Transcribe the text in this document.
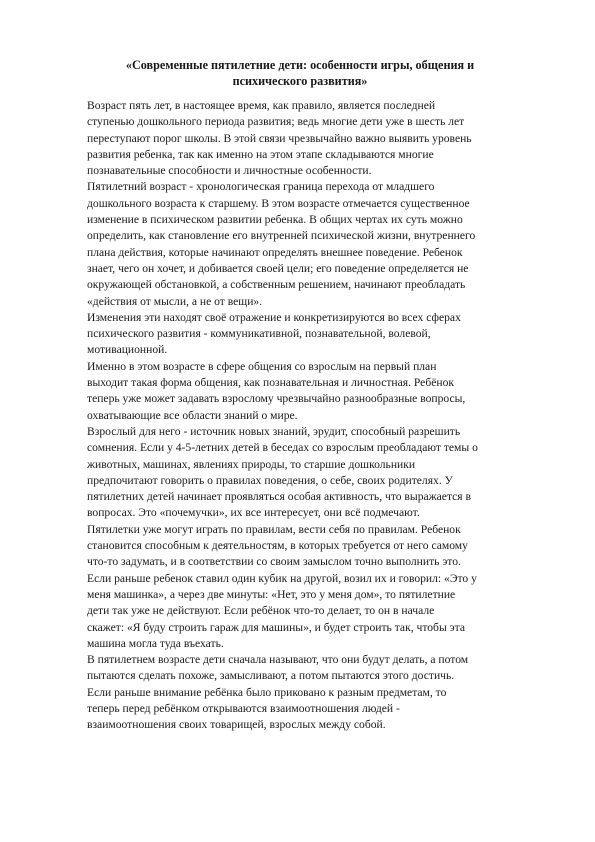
«Современные пятилетние дети: особенности игры, общения и
психического развития»
Возраст пять лет, в настоящее время, как правило, является последней
ступенью дошкольного периода развития; ведь многие дети уже в шесть лет
переступают порог школы. В этой связи чрезвычайно важно выявить уровень
развития ребенка, так как именно на этом этапе складываются многие
познавательные способности и личностные особенности.
Пятилетний возраст - хронологическая граница перехода от младшего
дошкольного возраста к старшему. В этом возрасте отмечается существенное
изменение в психическом развитии ребенка. В общих чертах их суть можно
определить, как становление его внутренней психической жизни, внутреннего
плана действия, которые начинают определять внешнее поведение. Ребенок
знает, чего он хочет, и добивается своей цели; его поведение определяется не
окружающей обстановкой, а собственным решением, начинают преобладать
«действия от мысли, а не от вещи».
Изменения эти находят своё отражение и конкретизируются во всех сферах
психического развития - коммуникативной, познавательной, волевой,
мотивационной.
Именно в этом возрасте в сфере общения со взрослым на первый план
выходит такая форма общения, как познавательная и личностная. Ребёнок
теперь уже может задавать взрослому чрезвычайно разнообразные вопросы,
охватывающие все области знаний о мире.
Взрослый для него - источник новых знаний, эрудит, способный разрешить
сомнения. Если у 4-5-летних детей в беседах со взрослым преобладают темы о
животных, машинах, явлениях природы, то старшие дошкольники
предпочитают говорить о правилах поведения, о себе, своих родителях. У
пятилетних детей начинает проявляться особая активность, что выражается в
вопросах. Это «почемучки», их все интересует, они всё подмечают.
Пятилетки уже могут играть по правилам, вести себя по правилам. Ребенок
становится способным к деятельностям, в которых требуется от него самому
что-то задумать, и в соответствии со своим замыслом точно выполнить это.
Если раньше ребенок ставил один кубик на другой, возил их и говорил: «Это у
меня машинка», а через две минуты: «Нет, это у меня дом», то пятилетние
дети так уже не действуют. Если ребёнок что-то делает, то он в начале
скажет: «Я буду строить гараж для машины», и будет строить так, чтобы эта
машина могла туда въехать.
В пятилетнем возрасте дети сначала называют, что они будут делать, а потом
пытаются сделать похоже, замысливают, а потом пытаются этого достичь.
Если раньше внимание ребёнка было приковано к разным предметам, то
теперь перед ребёнком открываются взаимоотношения людей -
взаимоотношения своих товарищей, взрослых между собой.
